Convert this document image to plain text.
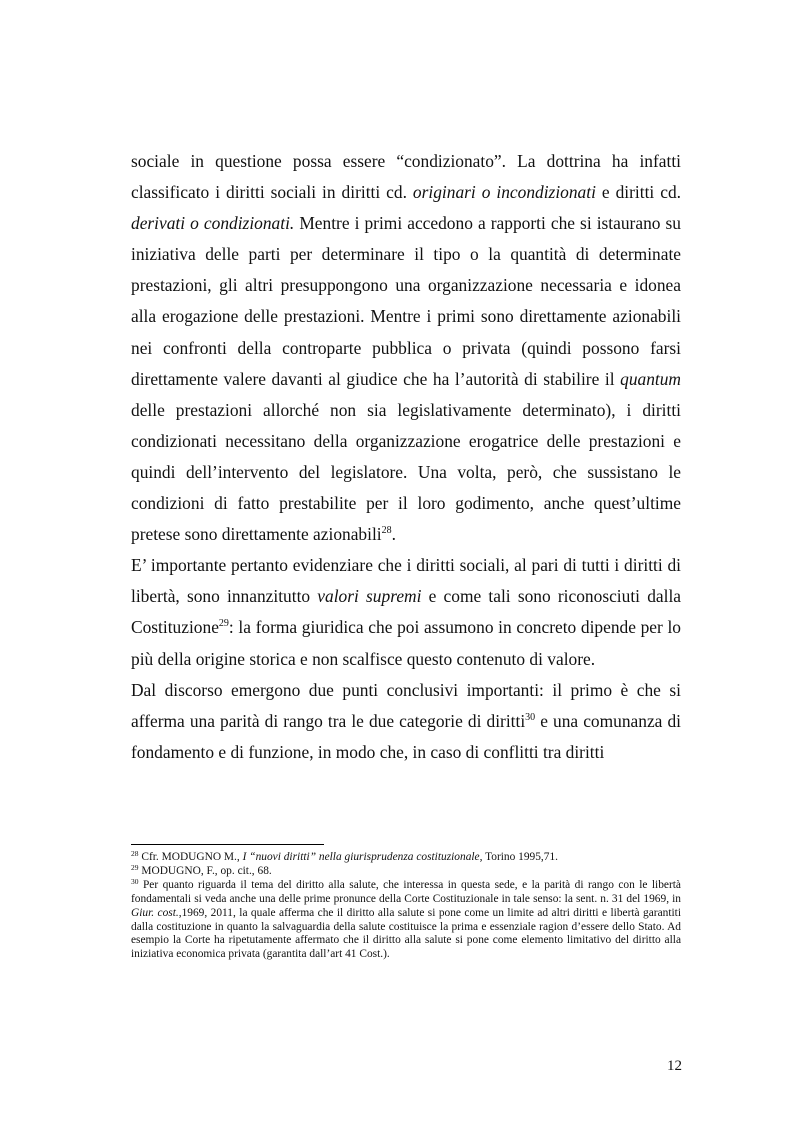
sociale in questione possa essere “condizionato”. La dottrina ha infatti classificato i diritti sociali in diritti cd. originari o incondizionati e diritti cd. derivati o condizionati. Mentre i primi accedono a rapporti che si istaurano su iniziativa delle parti per determinare il tipo o la quantità di determinate prestazioni, gli altri presuppongono una organizzazione necessaria e idonea alla erogazione delle prestazioni. Mentre i primi sono direttamente azionabili nei confronti della controparte pubblica o privata (quindi possono farsi direttamente valere davanti al giudice che ha l’autorità di stabilire il quantum delle prestazioni allorché non sia legislativamente determinato), i diritti condizionati necessitano della organizzazione erogatrice delle prestazioni e quindi dell’intervento del legislatore. Una volta, però, che sussistano le condizioni di fatto prestabilite per il loro godimento, anche quest’ultime pretese sono direttamente azionabili$^{28}$.

E’ importante pertanto evidenziare che i diritti sociali, al pari di tutti i diritti di libertà, sono innanzitutto valori supremi e come tali sono riconosciuti dalla Costituzione$^{29}$: la forma giuridica che poi assumono in concreto dipende per lo più della origine storica e non scalfisce questo contenuto di valore.

Dal discorso emergono due punti conclusivi importanti: il primo è che si afferma una parità di rango tra le due categorie di diritti$^{30}$ e una comunanza di fondamento e di funzione, in modo che, in caso di conflitti tra diritti

$^{28}$ Cfr. MODUGNO M., I “nuovi diritti” nella giurisprudenza costituzionale, Torino 1995,71.

$^{29}$ MODUGNO, F., op. cit., 68.

$^{30}$ Per quanto riguarda il tema del diritto alla salute, che interessa in questa sede, e la parità di rango con le libertà fondamentali si veda anche una delle prime pronunce della Corte Costituzionale in tale senso: la sent. n. 31 del 1969, in Giur. cost.,1969, 2011, la quale afferma che il diritto alla salute si pone come un limite ad altri diritti e libertà garantiti dalla costituzione in quanto la salvaguardia della salute costituisce la prima e essenziale ragion d’essere dello Stato. Ad esempio la Corte ha ripetutamente affermato che il diritto alla salute si pone come elemento limitativo del diritto alla iniziativa economica privata (garantita dall’art 41 Cost.).

12
